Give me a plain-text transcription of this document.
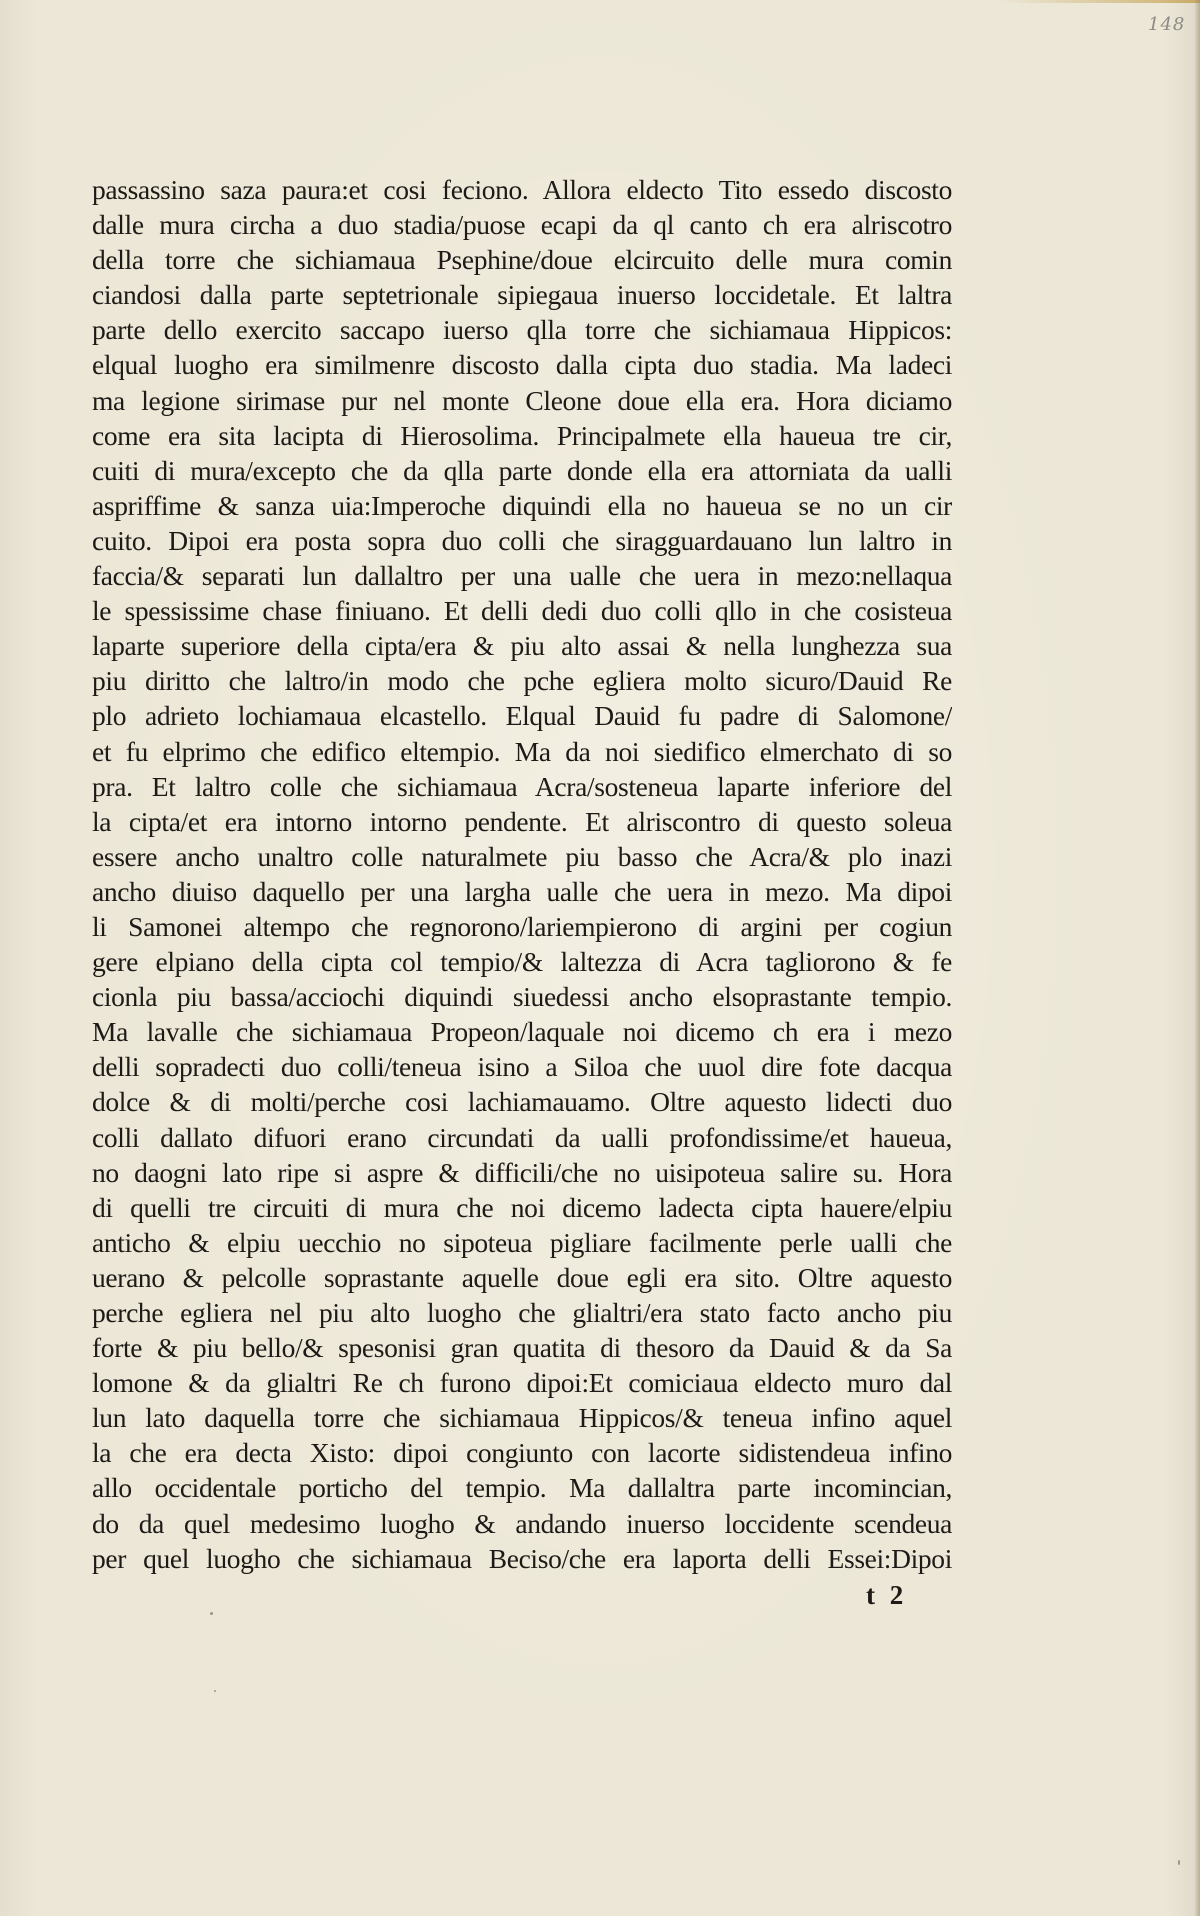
148
passassino saza paura:et cosi feciono. Allora eldecto Tito essedo discosto
dalle mura circha a duo stadia/puose ecapi da ql canto ch era alriscotro
della torre che sichiamaua Psephine/doue elcircuito delle mura comin
ciandosi dalla parte septetrionale sipiegaua inuerso loccidetale. Et laltra
parte dello exercito saccapo iuerso qlla torre che sichiamaua Hippicos:
elqual luogho era similmenre discosto dalla cipta duo stadia. Ma ladeci
ma legione sirimase pur nel monte Cleone doue ella era. Hora diciamo
come era sita lacipta di Hierosolima. Principalmete ella haueua tre cir,
cuiti di mura/excepto che da qlla parte donde ella era attorniata da ualli
aspriffime & sanza uia:Imperoche diquindi ella no haueua se no un cir
cuito. Dipoi era posta sopra duo colli che siragguardauano lun laltro in
faccia/& separati lun dallaltro per una ualle che uera in mezo:nellaqua
le spessissime chase finiuano. Et delli dedi duo colli qllo in che cosisteua
laparte superiore della cipta/era & piu alto assai & nella lunghezza sua
piu diritto che laltro/in modo che pche egliera molto sicuro/Dauid Re
plo adrieto lochiamaua elcastello. Elqual Dauid fu padre di Salomone/
et fu elprimo che edifico eltempio. Ma da noi siedifico elmerchato di so
pra. Et laltro colle che sichiamaua Acra/sosteneua laparte inferiore del
la cipta/et era intorno intorno pendente. Et alriscontro di questo soleua
essere ancho unaltro colle naturalmete piu basso che Acra/& plo inazi
ancho diuiso daquello per una largha ualle che uera in mezo. Ma dipoi
li Samonei altempo che regnorono/lariempierono di argini per cogiun
gere elpiano della cipta col tempio/& laltezza di Acra tagliorono & fe
cionla piu bassa/acciochi diquindi siuedessi ancho elsoprastante tempio.
Ma lavalle che sichiamaua Propeon/laquale noi dicemo ch era i mezo
delli sopradecti duo colli/teneua isino a Siloa che uuol dire fote dacqua
dolce & di molti/perche cosi lachiamauamo. Oltre aquesto lidecti duo
colli dallato difuori erano circundati da ualli profondissime/et haueua,
no daogni lato ripe si aspre & difficili/che no uisipoteua salire su. Hora
di quelli tre circuiti di mura che noi dicemo ladecta cipta hauere/elpiu
anticho & elpiu uecchio no sipoteua pigliare facilmente perle ualli che
uerano & pelcolle soprastante aquelle doue egli era sito. Oltre aquesto
perche egliera nel piu alto luogho che glialtri/era stato facto ancho piu
forte & piu bello/& spesonisi gran quatita di thesoro da Dauid & da Sa
lomone & da glialtri Re ch furono dipoi:Et comiciaua eldecto muro dal
lun lato daquella torre che sichiamaua Hippicos/& teneua infino aquel
la che era decta Xisto: dipoi congiunto con lacorte sidistendeua infino
allo occidentale porticho del tempio. Ma dallaltra parte incomincian,
do da quel medesimo luogho & andando inuerso loccidente scendeua
per quel luogho che sichiamaua Beciso/che era laporta delli Essei:Dipoi
t 2
